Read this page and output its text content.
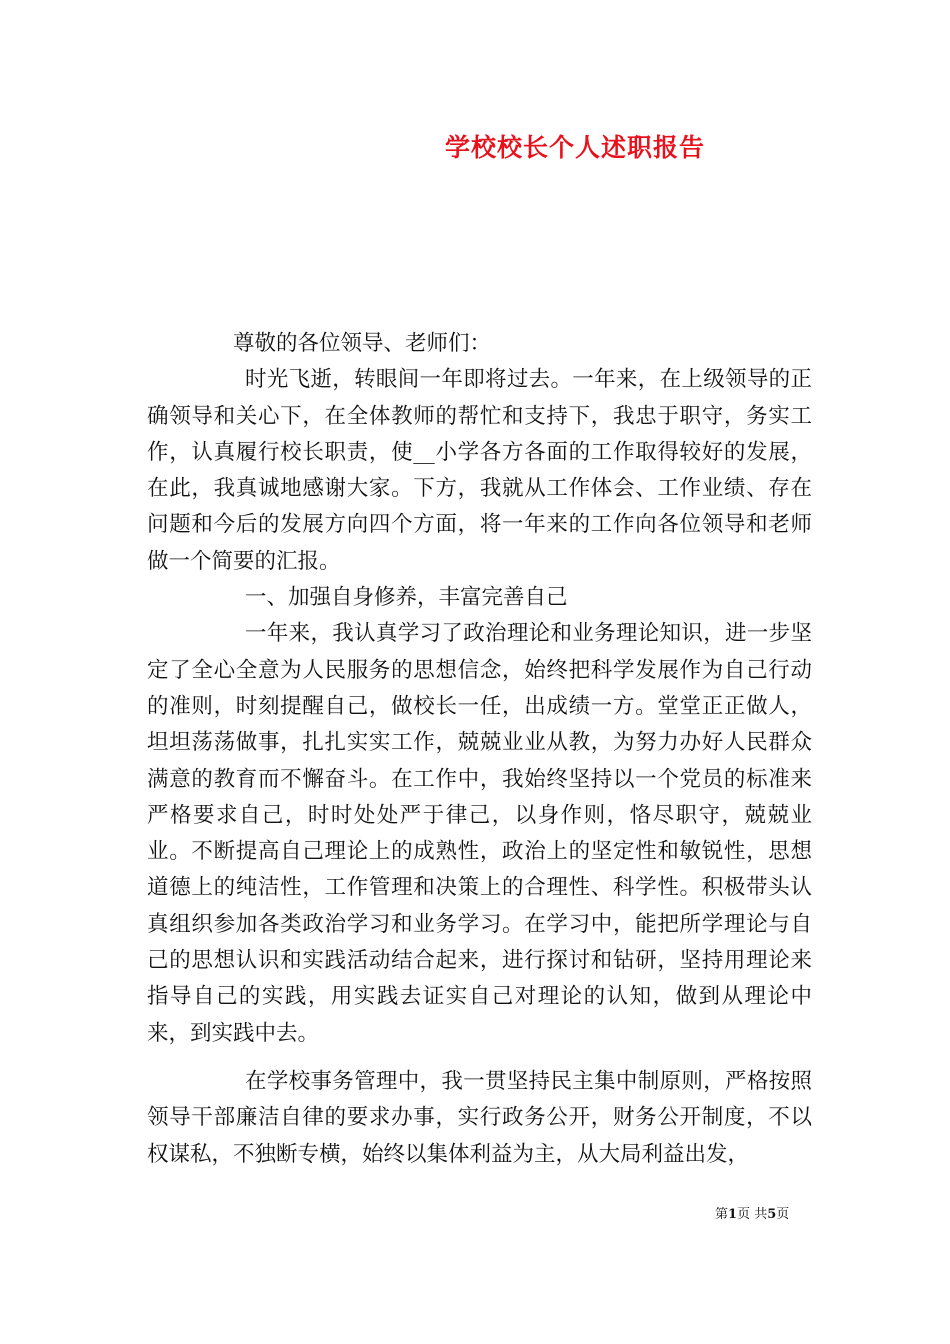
学校校长个人述职报告

尊敬的各位领导、老师们：

时光飞逝，转眼间一年即将过去。一年来，在上级领导的正确领导和关心下，在全体教师的帮忙和支持下，我忠于职守，务实工作，认真履行校长职责，使__小学各方各面的工作取得较好的发展，在此，我真诚地感谢大家。下方，我就从工作体会、工作业绩、存在问题和今后的发展方向四个方面，将一年来的工作向各位领导和老师做一个简要的汇报。

一、加强自身修养，丰富完善自己

一年来，我认真学习了政治理论和业务理论知识，进一步坚定了全心全意为人民服务的思想信念，始终把科学发展作为自己行动的准则，时刻提醒自己，做校长一任，出成绩一方。堂堂正正做人，坦坦荡荡做事，扎扎实实工作，兢兢业业从教，为努力办好人民群众满意的教育而不懈奋斗。在工作中，我始终坚持以一个党员的标准来严格要求自己，时时处处严于律己，以身作则，恪尽职守，兢兢业业。不断提高自己理论上的成熟性，政治上的坚定性和敏锐性，思想道德上的纯洁性，工作管理和决策上的合理性、科学性。积极带头认真组织参加各类政治学习和业务学习。在学习中，能把所学理论与自己的思想认识和实践活动结合起来，进行探讨和钻研，坚持用理论来指导自己的实践，用实践去证实自己对理论的认知，做到从理论中来，到实践中去。

在学校事务管理中，我一贯坚持民主集中制原则，严格按照领导干部廉洁自律的要求办事，实行政务公开，财务公开制度，不以权谋私，不独断专横，始终以集体利益为主，从大局利益出发，

第1页 共5页
